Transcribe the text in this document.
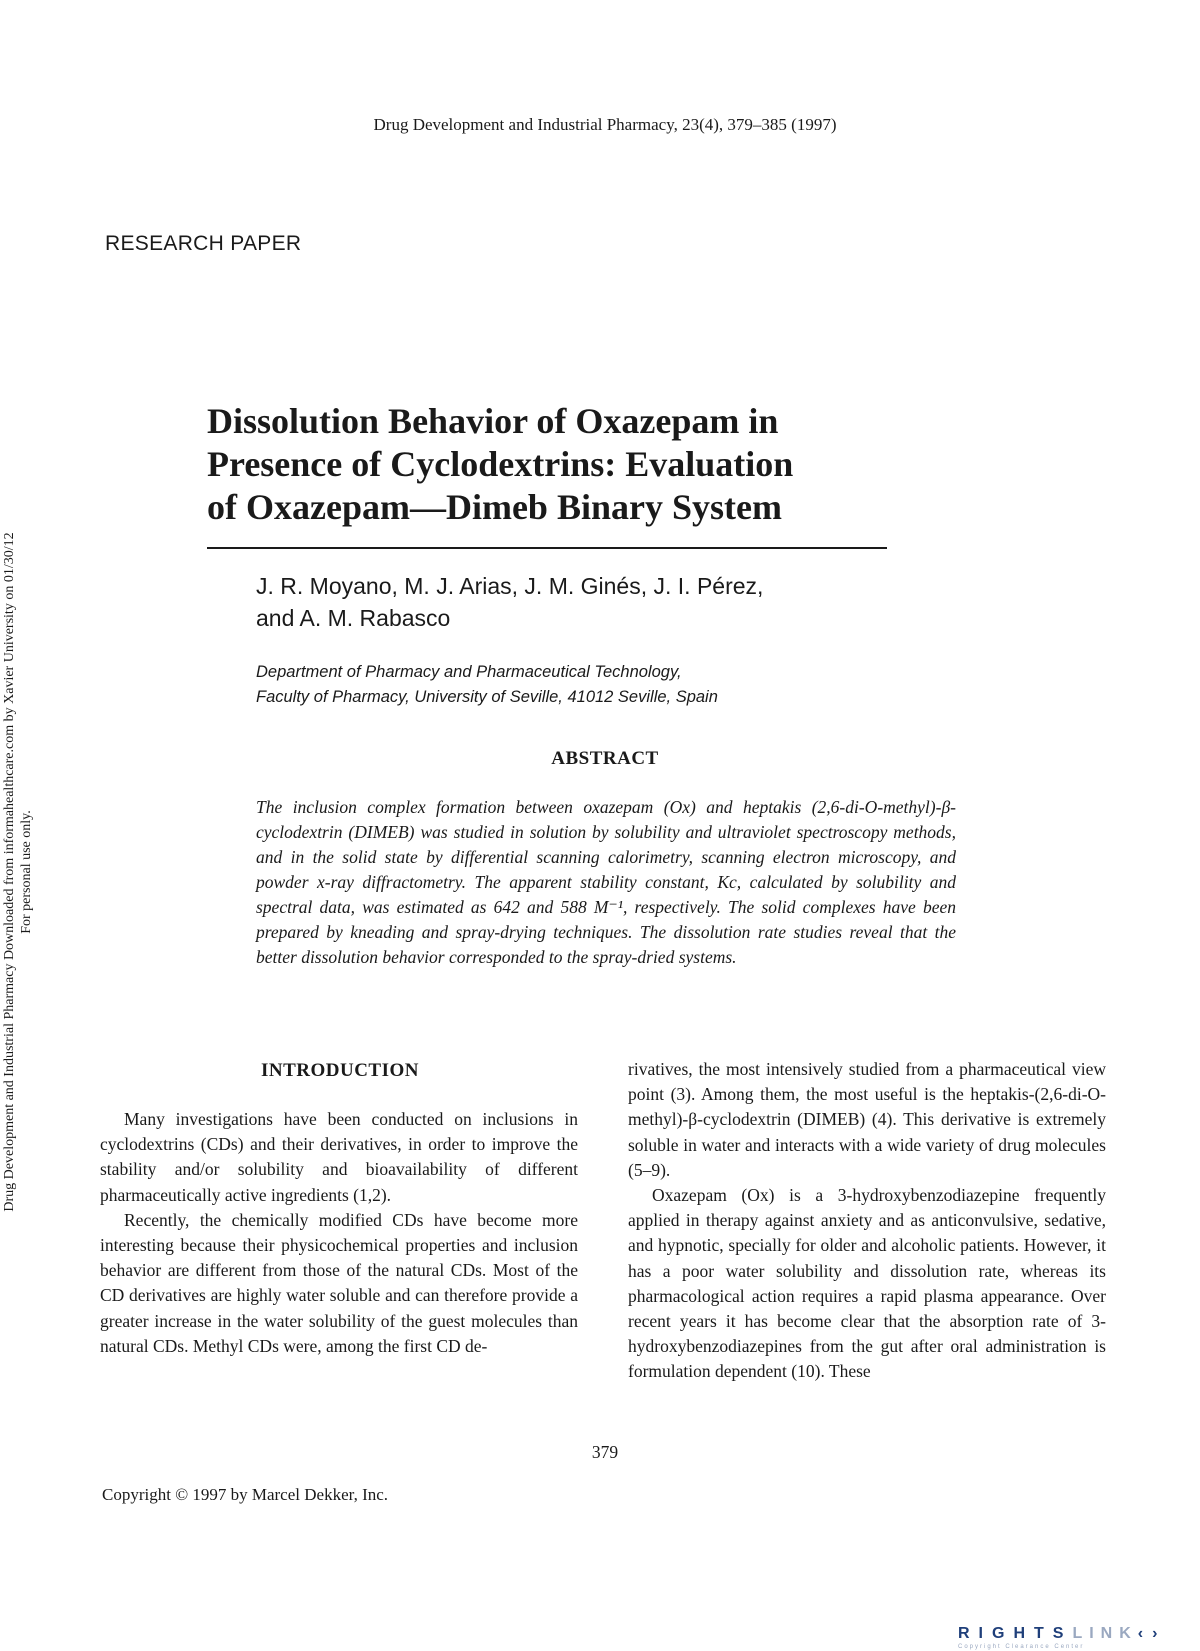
Drug Development and Industrial Pharmacy, 23(4), 379–385 (1997)
RESEARCH PAPER
Dissolution Behavior of Oxazepam in
Presence of Cyclodextrins: Evaluation
of Oxazepam—Dimeb Binary System
J. R. Moyano, M. J. Arias, J. M. Ginés, J. I. Pérez,
and A. M. Rabasco
Department of Pharmacy and Pharmaceutical Technology,
Faculty of Pharmacy, University of Seville, 41012 Seville, Spain
ABSTRACT
The inclusion complex formation between oxazepam (Ox) and heptakis (2,6-di-O-methyl)-β-cyclodextrin (DIMEB) was studied in solution by solubility and ultraviolet spectroscopy methods, and in the solid state by differential scanning calorimetry, scanning electron microscopy, and powder x-ray diffractometry. The apparent stability constant, Kc, calculated by solubility and spectral data, was estimated as 642 and 588 M⁻¹, respectively. The solid complexes have been prepared by kneading and spray-drying techniques. The dissolution rate studies reveal that the better dissolution behavior corresponded to the spray-dried systems.
INTRODUCTION

Many investigations have been conducted on inclusions in cyclodextrins (CDs) and their derivatives, in order to improve the stability and/or solubility and bioavailability of different pharmaceutically active ingredients (1,2).

Recently, the chemically modified CDs have become more interesting because their physicochemical properties and inclusion behavior are different from those of the natural CDs. Most of the CD derivatives are highly water soluble and can therefore provide a greater increase in the water solubility of the guest molecules than natural CDs. Methyl CDs were, among the first CD de-

rivatives, the most intensively studied from a pharmaceutical view point (3). Among them, the most useful is the heptakis-(2,6-di-O-methyl)-β-cyclodextrin (DIMEB) (4). This derivative is extremely soluble in water and interacts with a wide variety of drug molecules (5–9).

Oxazepam (Ox) is a 3-hydroxybenzodiazepine frequently applied in therapy against anxiety and as anticonvulsive, sedative, and hypnotic, specially for older and alcoholic patients. However, it has a poor water solubility and dissolution rate, whereas its pharmacological action requires a rapid plasma appearance. Over recent years it has become clear that the absorption rate of 3-hydroxybenzodiazepines from the gut after oral administration is formulation dependent (10). These

379
Copyright © 1997 by Marcel Dekker, Inc.
Drug Development and Industrial Pharmacy Downloaded from informahealthcare.com by Xavier University on 01/30/12 For personal use only.
RIGHTSLINK‹›
Copyright Clearance Center
